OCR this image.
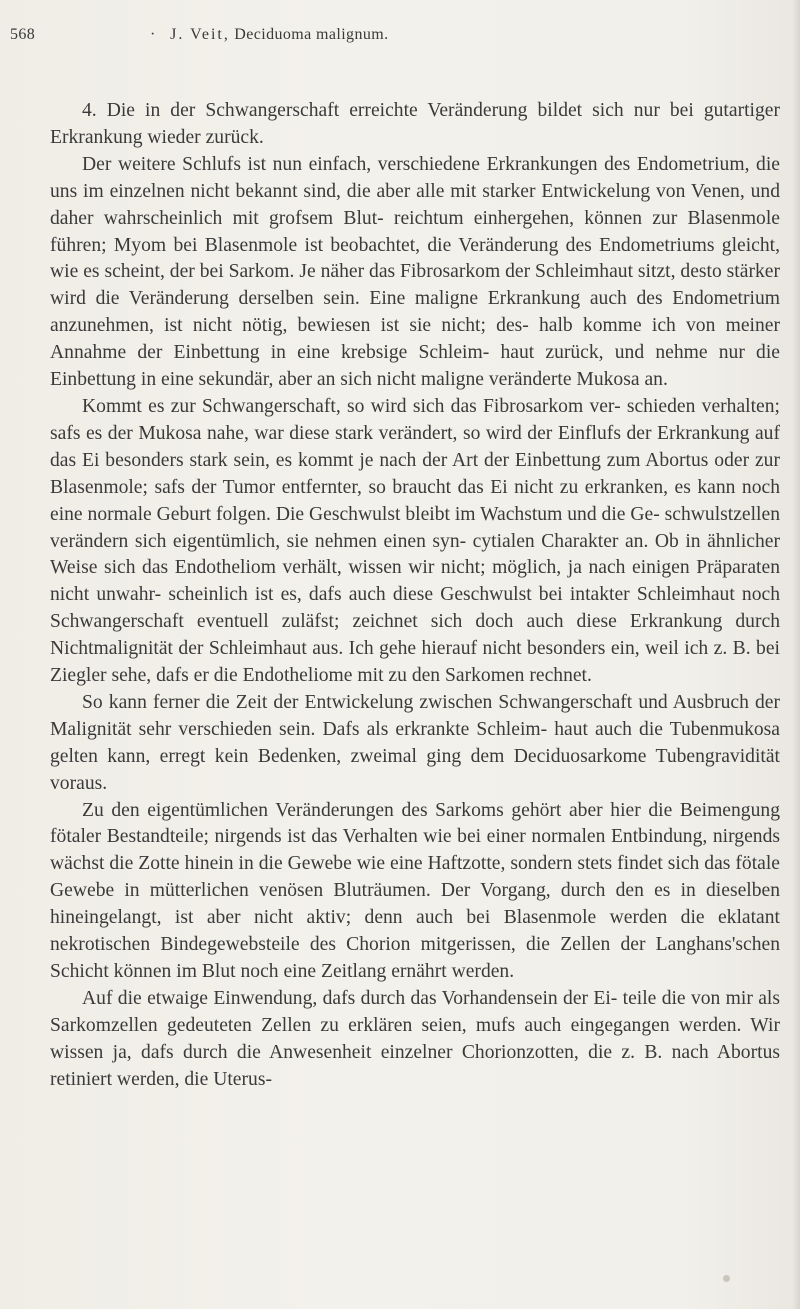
568	· J. Veit, Deciduoma malignum.

4. Die in der Schwangerschaft erreichte Veränderung bildet sich nur bei gutartiger Erkrankung wieder zurück.

Der weitere Schlufs ist nun einfach, verschiedene Erkrankungen des Endometrium, die uns im einzelnen nicht bekannt sind, die aber alle mit starker Entwickelung von Venen, und daher wahrscheinlich mit grofsem Blut- reichtum einhergehen, können zur Blasenmole führen; Myom bei Blasenmole ist beobachtet, die Veränderung des Endometriums gleicht, wie es scheint, der bei Sarkom. Je näher das Fibrosarkom der Schleimhaut sitzt, desto stärker wird die Veränderung derselben sein. Eine maligne Erkrankung auch des Endometrium anzunehmen, ist nicht nötig, bewiesen ist sie nicht; des- halb komme ich von meiner Annahme der Einbettung in eine krebsige Schleim- haut zurück, und nehme nur die Einbettung in eine sekundär, aber an sich nicht maligne veränderte Mukosa an.

Kommt es zur Schwangerschaft, so wird sich das Fibrosarkom ver- schieden verhalten; safs es der Mukosa nahe, war diese stark verändert, so wird der Einflufs der Erkrankung auf das Ei besonders stark sein, es kommt je nach der Art der Einbettung zum Abortus oder zur Blasenmole; safs der Tumor entfernter, so braucht das Ei nicht zu erkranken, es kann noch eine normale Geburt folgen. Die Geschwulst bleibt im Wachstum und die Ge- schwulstzellen verändern sich eigentümlich, sie nehmen einen syn- cytialen Charakter an. Ob in ähnlicher Weise sich das Endotheliom verhält, wissen wir nicht; möglich, ja nach einigen Präparaten nicht unwahr- scheinlich ist es, dafs auch diese Geschwulst bei intakter Schleimhaut noch Schwangerschaft eventuell zuläfst; zeichnet sich doch auch diese Erkrankung durch Nichtmalignität der Schleimhaut aus. Ich gehe hierauf nicht besonders ein, weil ich z. B. bei Ziegler sehe, dafs er die Endotheliome mit zu den Sarkomen rechnet.

So kann ferner die Zeit der Entwickelung zwischen Schwangerschaft und Ausbruch der Malignität sehr verschieden sein. Dafs als erkrankte Schleim- haut auch die Tubenmukosa gelten kann, erregt kein Bedenken, zweimal ging dem Deciduosarkome Tubengravidität voraus.

Zu den eigentümlichen Veränderungen des Sarkoms gehört aber hier die Beimengung fötaler Bestandteile; nirgends ist das Verhalten wie bei einer normalen Entbindung, nirgends wächst die Zotte hinein in die Gewebe wie eine Haftzotte, sondern stets findet sich das fötale Gewebe in mütterlichen venösen Bluträumen. Der Vorgang, durch den es in dieselben hineingelangt, ist aber nicht aktiv; denn auch bei Blasenmole werden die eklatant nekrotischen Bindegewebsteile des Chorion mitgerissen, die Zellen der Langhans'schen Schicht können im Blut noch eine Zeitlang ernährt werden.

Auf die etwaige Einwendung, dafs durch das Vorhandensein der Ei- teile die von mir als Sarkomzellen gedeuteten Zellen zu erklären seien, mufs auch eingegangen werden. Wir wissen ja, dafs durch die Anwesenheit einzelner Chorionzotten, die z. B. nach Abortus retiniert werden, die Uterus-
